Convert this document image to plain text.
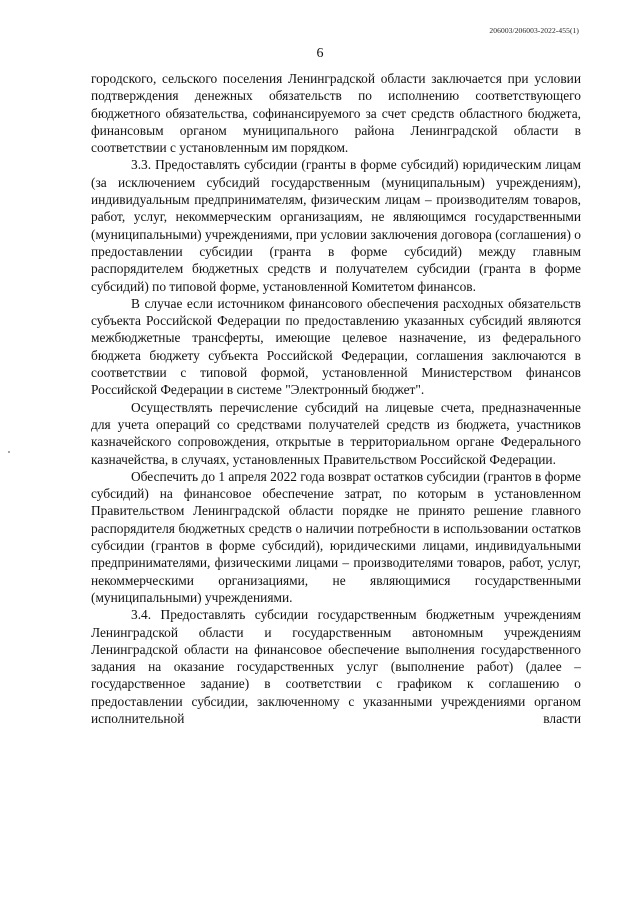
206003/206003-2022-455(1)
6

городского, сельского поселения Ленинградской области заключается при условии подтверждения денежных обязательств по исполнению соответствующего бюджетного обязательства, софинансируемого за счет средств областного бюджета, финансовым органом муниципального района Ленинградской области в соответствии с установленным им порядком.

3.3. Предоставлять субсидии (гранты в форме субсидий) юридическим лицам (за исключением субсидий государственным (муниципальным) учреждениям), индивидуальным предпринимателям, физическим лицам – производителям товаров, работ, услуг, некоммерческим организациям, не являющимся государственными (муниципальными) учреждениями, при условии заключения договора (соглашения) о предоставлении субсидии (гранта в форме субсидий) между главным распорядителем бюджетных средств и получателем субсидии (гранта в форме субсидий) по типовой форме, установленной Комитетом финансов.

В случае если источником финансового обеспечения расходных обязательств субъекта Российской Федерации по предоставлению указанных субсидий являются межбюджетные трансферты, имеющие целевое назначение, из федерального бюджета бюджету субъекта Российской Федерации, соглашения заключаются в соответствии с типовой формой, установленной Министерством финансов Российской Федерации в системе "Электронный бюджет".

Осуществлять перечисление субсидий на лицевые счета, предназначенные для учета операций со средствами получателей средств из бюджета, участников казначейского сопровождения, открытые в территориальном органе Федерального казначейства, в случаях, установленных Правительством Российской Федерации.

Обеспечить до 1 апреля 2022 года возврат остатков субсидии (грантов в форме субсидий) на финансовое обеспечение затрат, по которым в установленном Правительством Ленинградской области порядке не принято решение главного распорядителя бюджетных средств о наличии потребности в использовании остатков субсидии (грантов в форме субсидий), юридическими лицами, индивидуальными предпринимателями, физическими лицами – производителями товаров, работ, услуг, некоммерческими организациями, не являющимися государственными (муниципальными) учреждениями.

3.4. Предоставлять субсидии государственным бюджетным учреждениям Ленинградской области и государственным автономным учреждениям Ленинградской области на финансовое обеспечение выполнения государственного задания на оказание государственных услуг (выполнение работ) (далее – государственное задание) в соответствии с графиком к соглашению о предоставлении субсидии, заключенному с указанными учреждениями органом исполнительной власти
